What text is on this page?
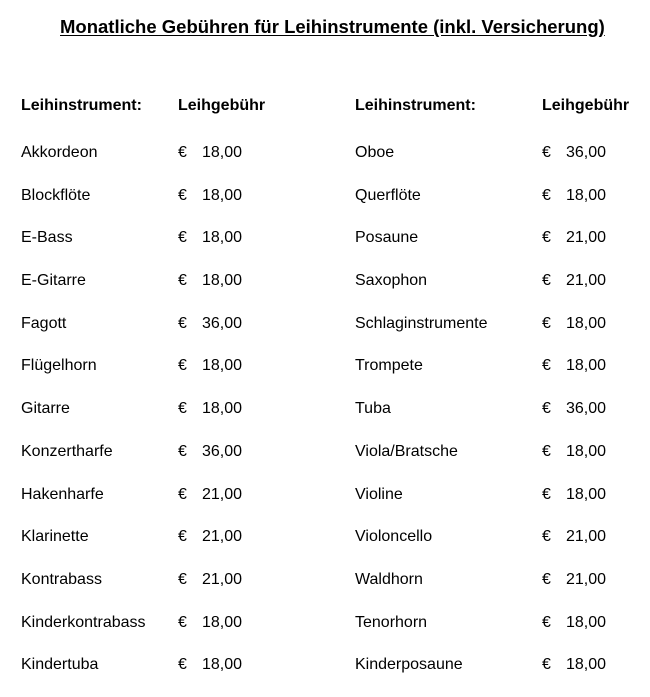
Monatliche Gebühren für Leihinstrumente (inkl. Versicherung)
Leihinstrument: Leihgebühr	Leihinstrument:	Leihgebühr
Akkordeon	€ 18,00	Oboe	€ 36,00
Blockflöte	€ 18,00	Querflöte	€ 18,00
E-Bass	€ 18,00	Posaune	€ 21,00
E-Gitarre	€ 18,00	Saxophon	€ 21,00
Fagott	€ 36,00	Schlaginstrumente	€ 18,00
Flügelhorn	€ 18,00	Trompete	€ 18,00
Gitarre	€ 18,00	Tuba	€ 36,00
Konzertharfe	€ 36,00	Viola/Bratsche	€ 18,00
Hakenharfe	€ 21,00	Violine	€ 18,00
Klarinette	€ 21,00	Violoncello	€ 21,00
Kontrabass	€ 21,00	Waldhorn	€ 21,00
Kinderkontrabass € 18,00	Tenorhorn	€ 18,00
Kindertuba	€ 18,00	Kinderposaune	€ 18,00
